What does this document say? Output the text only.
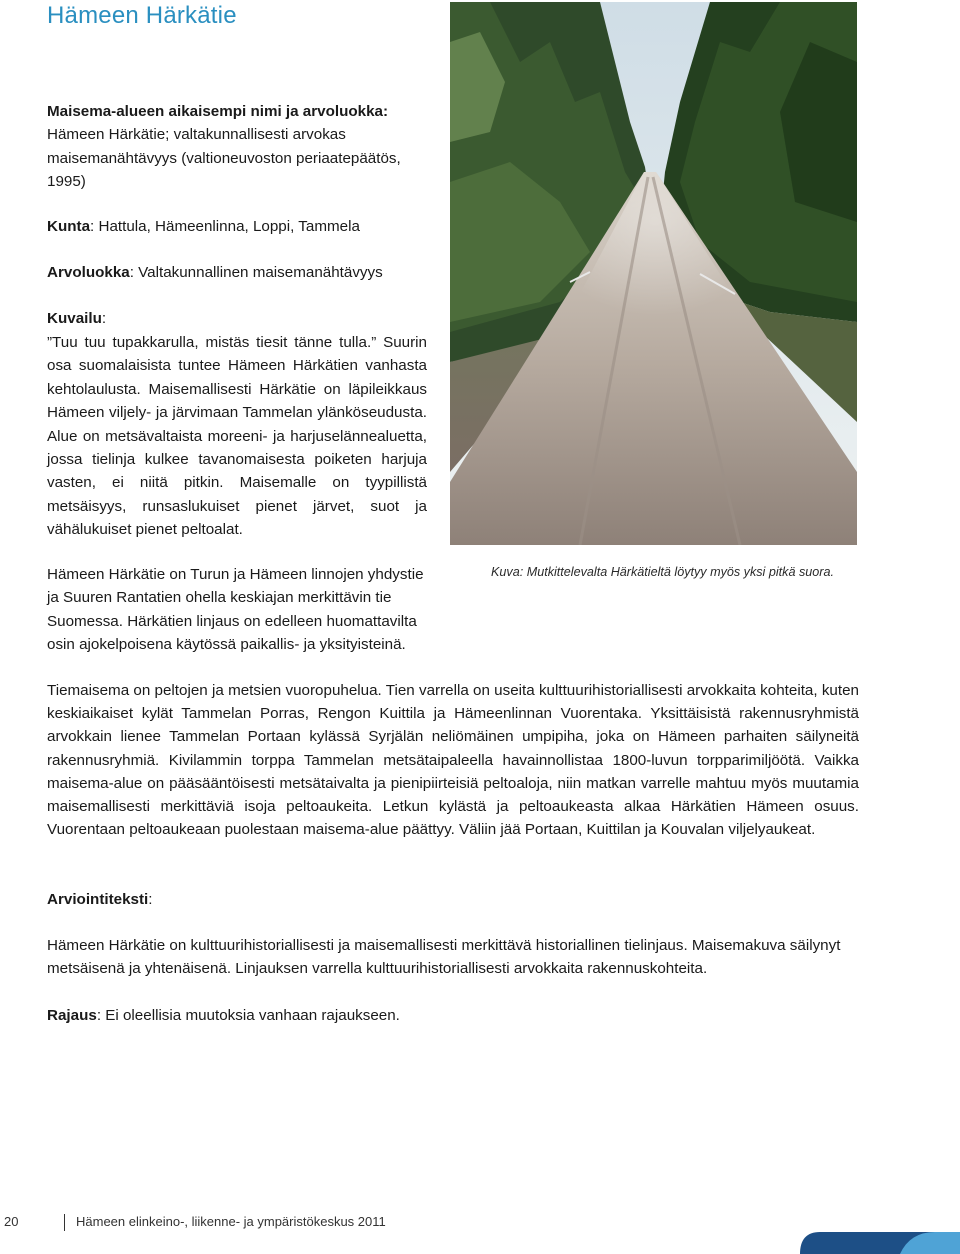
Hämeen Härkätie

Maisema-alueen aikaisempi nimi ja arvoluokka: Hämeen Härkätie; valtakunnallisesti arvokas maisemanähtävyys (valtioneuvoston periaatepäätös, 1995)

Kunta: Hattula, Hämeenlinna, Loppi, Tammela

Arvoluokka: Valtakunnallinen maisemanähtävyys

Kuvailu:

”Tuu tuu tupakkarulla, mistäs tiesit tänne tulla.” Suurin osa suomalaisista tuntee Hämeen Härkätien vanhasta kehtolaulusta. Maisemallisesti Härkätie on läpileikkaus Hämeen viljely- ja järvimaan Tammelan ylänköseudusta. Alue on metsävaltaista moreeni- ja harjuselännealuetta, jossa tielinja kulkee tavanomaisesta poiketen harjuja vasten, ei niitä pitkin. Maisemalle on tyypillistä metsäisyys, runsaslukuiset pienet järvet, suot ja vähälukuiset pienet peltoalat.
Hämeen Härkätie on Turun ja Hämeen linnojen yhdystie ja Suuren Rantatien ohella keskiajan merkittävin tie Suomessa. Härkätien linjaus on edelleen huomattavilta osin ajokelpoisena käytössä paikallis- ja yksityisteinä.
Kuva: Mutkittelevalta Härkätieltä löytyy myös yksi pitkä suora.
Tiemaisema on peltojen ja metsien vuoropuhelua. Tien varrella on useita kulttuurihistoriallisesti arvokkaita kohteita, kuten keskiaikaiset kylät Tammelan Porras, Rengon Kuittila ja Hämeenlinnan Vuorentaka. Yksittäisistä rakennusryhmistä arvokkain lienee Tammelan Portaan kylässä Syrjälän neliömäinen umpipiha, joka on Hämeen parhaiten säilyneitä rakennusryhmiä. Kivilammin torppa Tammelan metsätaipaleella havainnollistaa 1800-luvun torpparimiljöötä. Vaikka maisema-alue on pääsääntöisesti metsätaivalta ja pienipiirteisiä peltoaloja, niin matkan varrelle mahtuu myös muutamia maisemallisesti merkittäviä isoja peltoaukeita. Letkun kylästä ja peltoaukeasta alkaa Härkätien Hämeen osuus. Vuorentaan peltoaukeaan puolestaan maisema-alue päättyy. Väliin jää Portaan, Kuittilan ja Kouvalan viljelyaukeat.
Arviointiteksti:
Hämeen Härkätie on kulttuurihistoriallisesti ja maisemallisesti merkittävä historiallinen tielinjaus. Maisemakuva säilynyt metsäisenä ja yhtenäisenä. Linjauksen varrella kulttuurihistoriallisesti arvokkaita rakennuskohteita.
Rajaus: Ei oleellisia muutoksia vanhaan rajaukseen.
20	Hämeen elinkeino-, liikenne- ja ympäristökeskus 2011
